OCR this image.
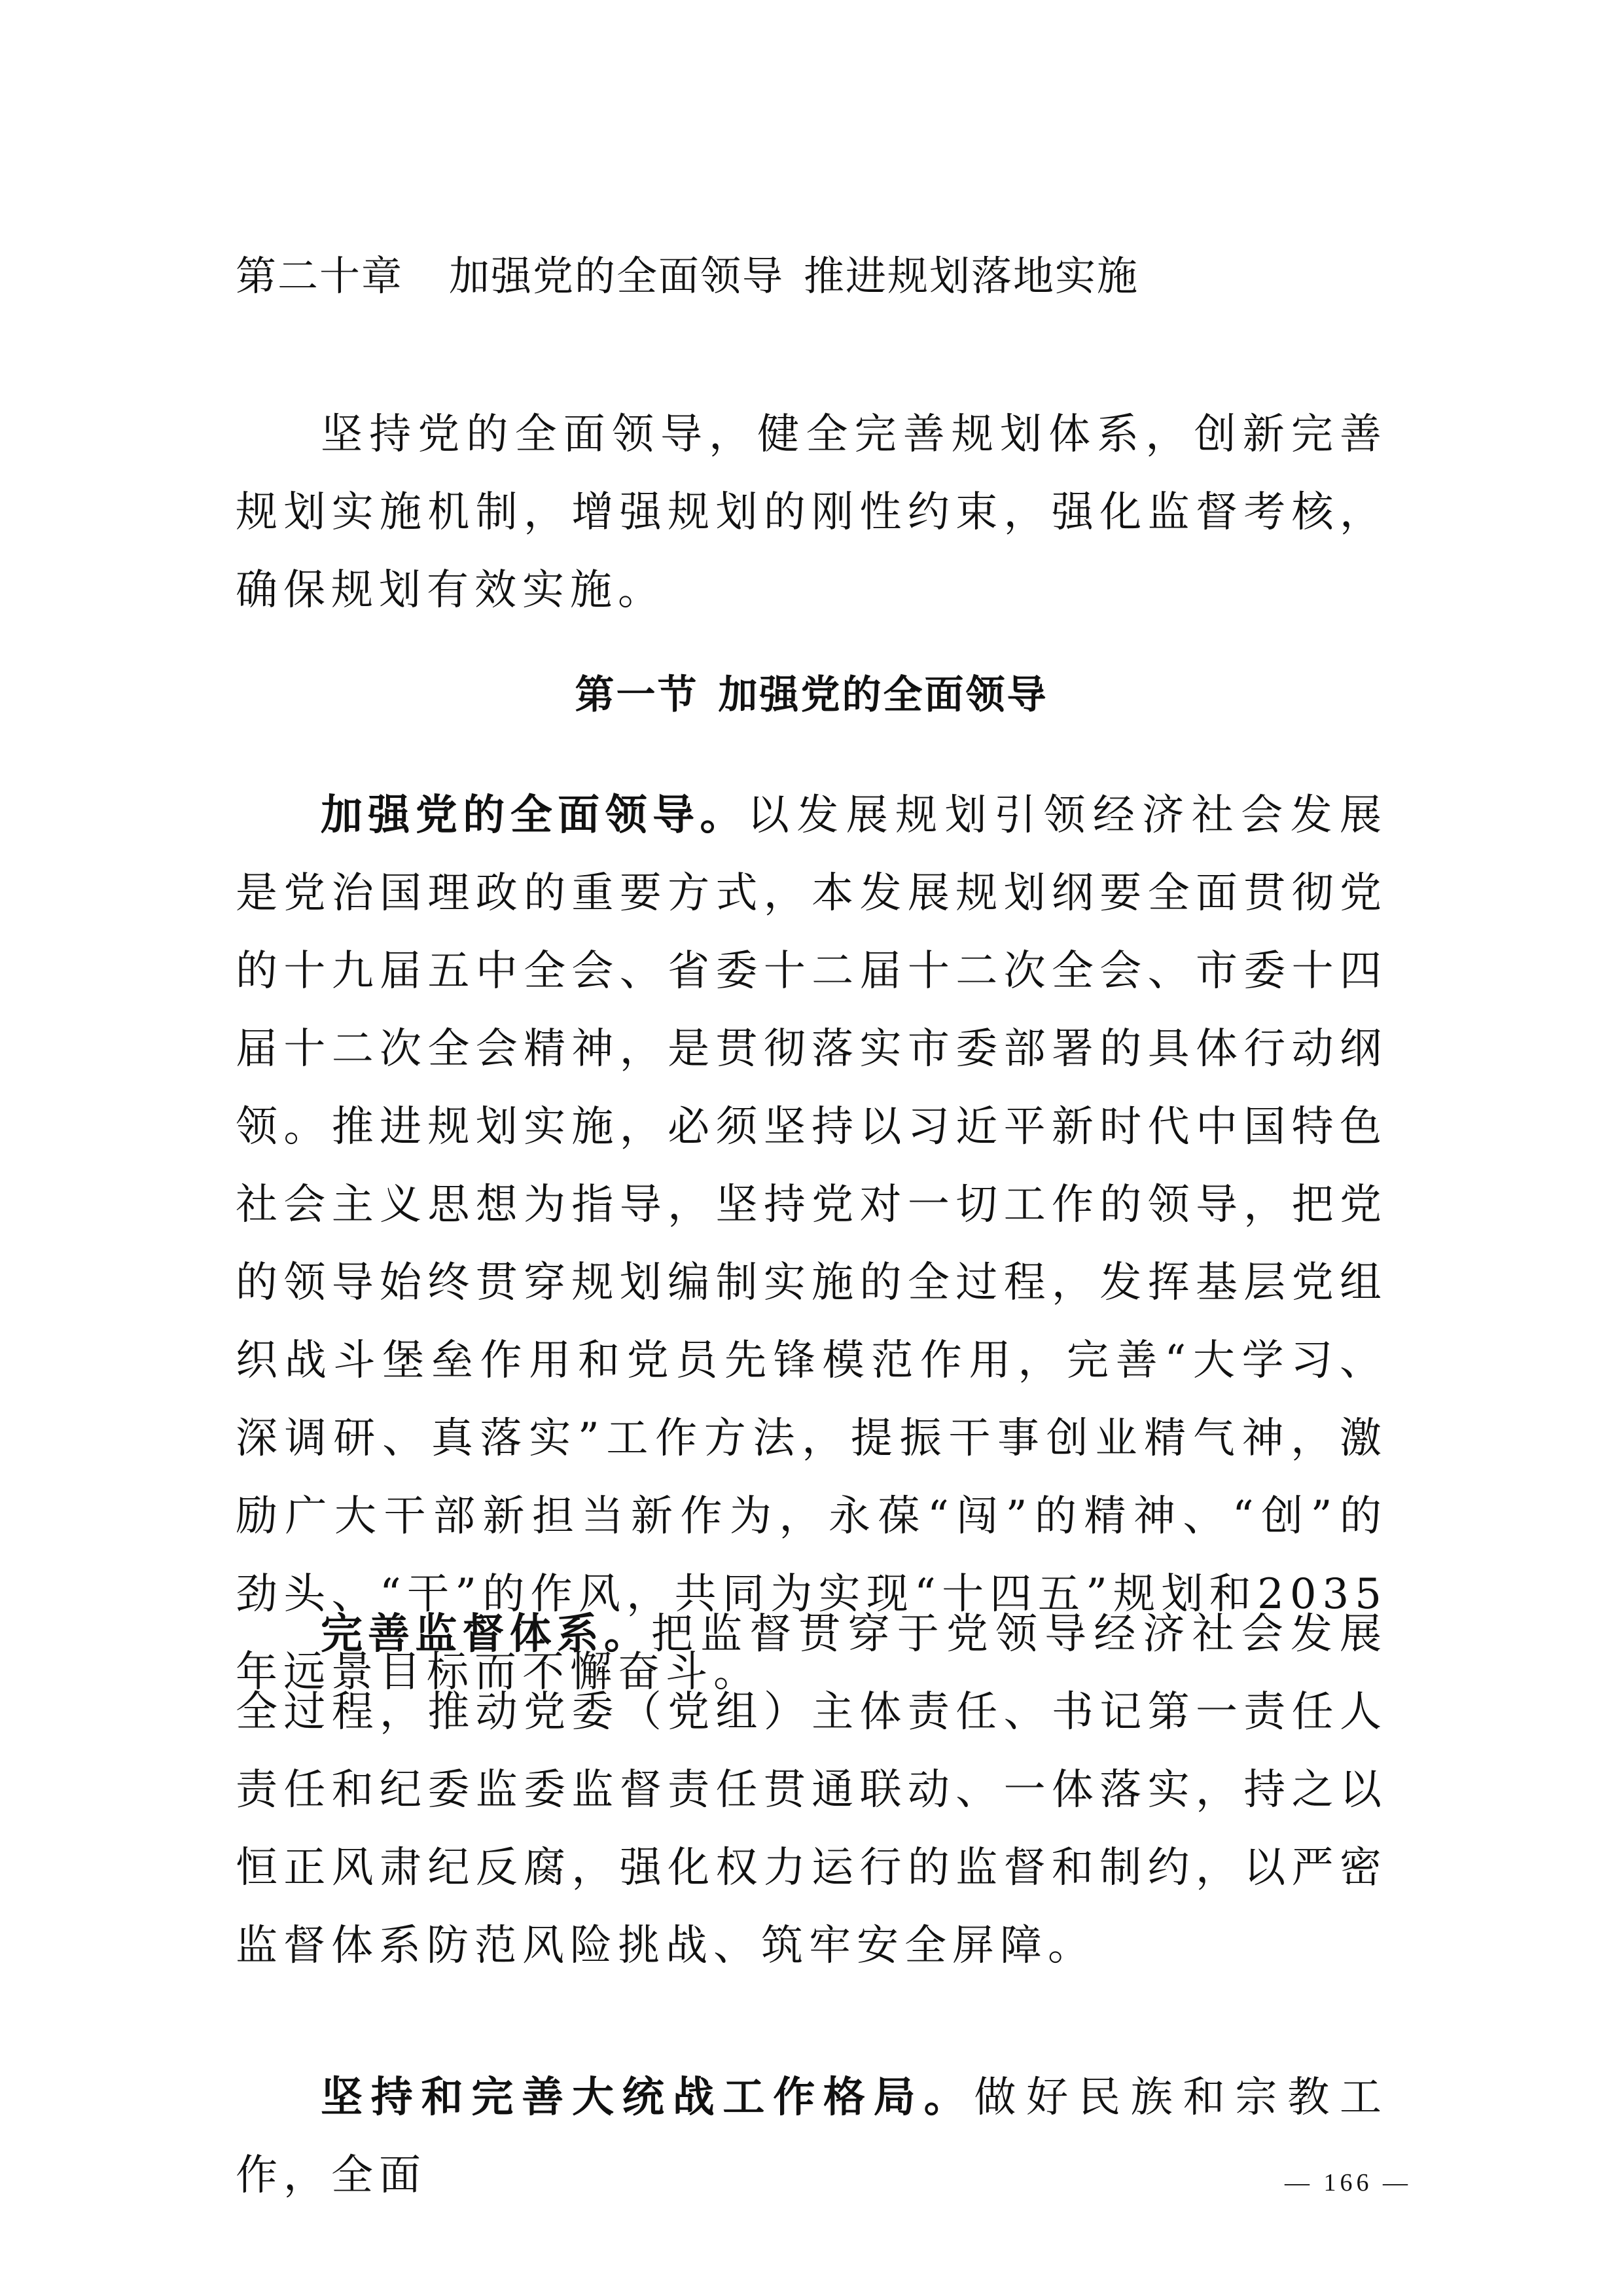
第二十章 加强党的全面领导 推进规划落地实施

坚持党的全面领导，健全完善规划体系，创新完善规划实施机制，增强规划的刚性约束，强化监督考核，确保规划有效实施。

第一节 加强党的全面领导

加强党的全面领导。以发展规划引领经济社会发展是党治国理政的重要方式，本发展规划纲要全面贯彻党的十九届五中全会、省委十二届十二次全会、市委十四届十二次全会精神，是贯彻落实市委部署的具体行动纲领。推进规划实施，必须坚持以习近平新时代中国特色社会主义思想为指导，坚持党对一切工作的领导，把党的领导始终贯穿规划编制实施的全过程，发挥基层党组织战斗堡垒作用和党员先锋模范作用，完善“大学习、深调研、真落实”工作方法，提振干事创业精气神，激励广大干部新担当新作为，永葆“闯”的精神、“创”的劲头、“干”的作风，共同为实现“十四五”规划和2035年远景目标而不懈奋斗。

完善监督体系。把监督贯穿于党领导经济社会发展全过程，推动党委（党组）主体责任、书记第一责任人责任和纪委监委监督责任贯通联动、一体落实，持之以恒正风肃纪反腐，强化权力运行的监督和制约，以严密监督体系防范风险挑战、筑牢安全屏障。

坚持和完善大统战工作格局。做好民族和宗教工作，全面	— 166 —
